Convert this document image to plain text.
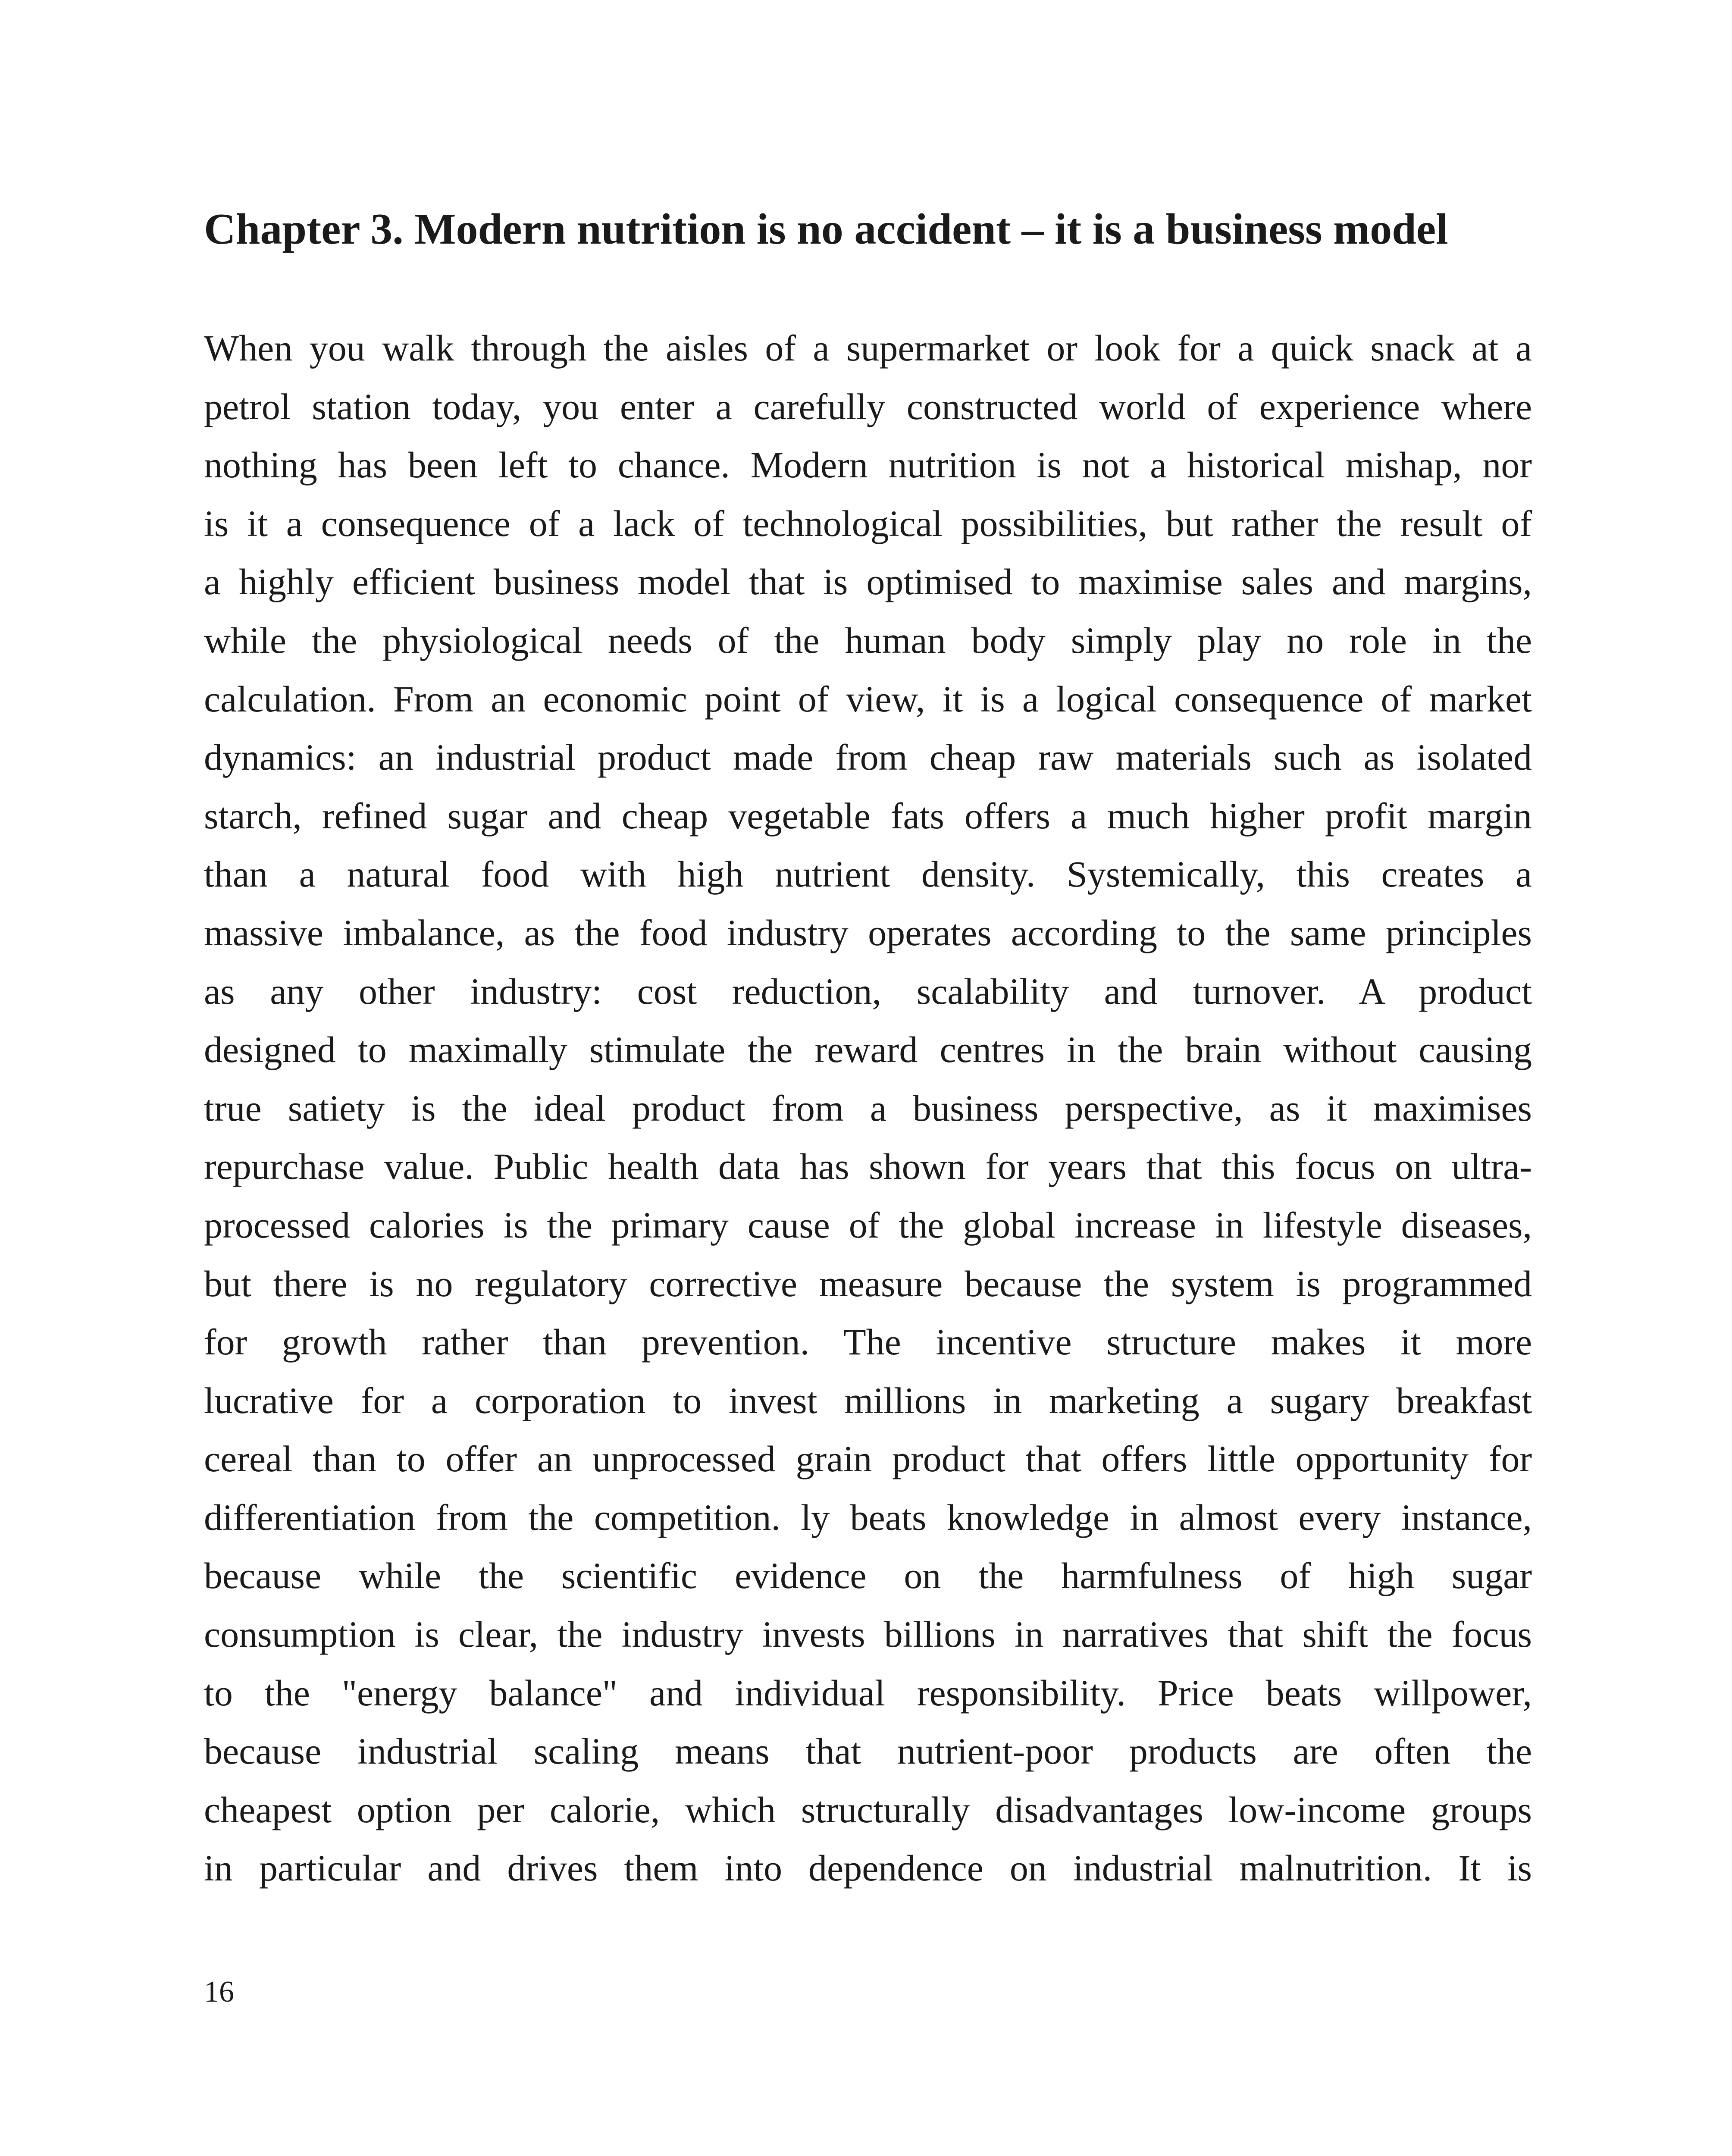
Chapter 3. Modern nutrition is no accident – it is a business model
When you walk through the aisles of a supermarket or look for a quick snack at a
petrol station today, you enter a carefully constructed world of experience where
nothing has been left to chance. Modern nutrition is not a historical mishap, nor
is it a consequence of a lack of technological possibilities, but rather the result of
a highly efficient business model that is optimised to maximise sales and margins,
while the physiological needs of the human body simply play no role in the
calculation. From an economic point of view, it is a logical consequence of market
dynamics: an industrial product made from cheap raw materials such as isolated
starch, refined sugar and cheap vegetable fats offers a much higher profit margin
than a natural food with high nutrient density. Systemically, this creates a
massive imbalance, as the food industry operates according to the same principles
as any other industry: cost reduction, scalability and turnover. A product
designed to maximally stimulate the reward centres in the brain without causing
true satiety is the ideal product from a business perspective, as it maximises
repurchase value. Public health data has shown for years that this focus on ultra-
processed calories is the primary cause of the global increase in lifestyle diseases,
but there is no regulatory corrective measure because the system is programmed
for growth rather than prevention. The incentive structure makes it more
lucrative for a corporation to invest millions in marketing a sugary breakfast
cereal than to offer an unprocessed grain product that offers little opportunity for
differentiation from the competition. ly beats knowledge in almost every instance,
because while the scientific evidence on the harmfulness of high sugar
consumption is clear, the industry invests billions in narratives that shift the focus
to the "energy balance" and individual responsibility. Price beats willpower,
because industrial scaling means that nutrient-poor products are often the
cheapest option per calorie, which structurally disadvantages low-income groups
in particular and drives them into dependence on industrial malnutrition. It is
16
